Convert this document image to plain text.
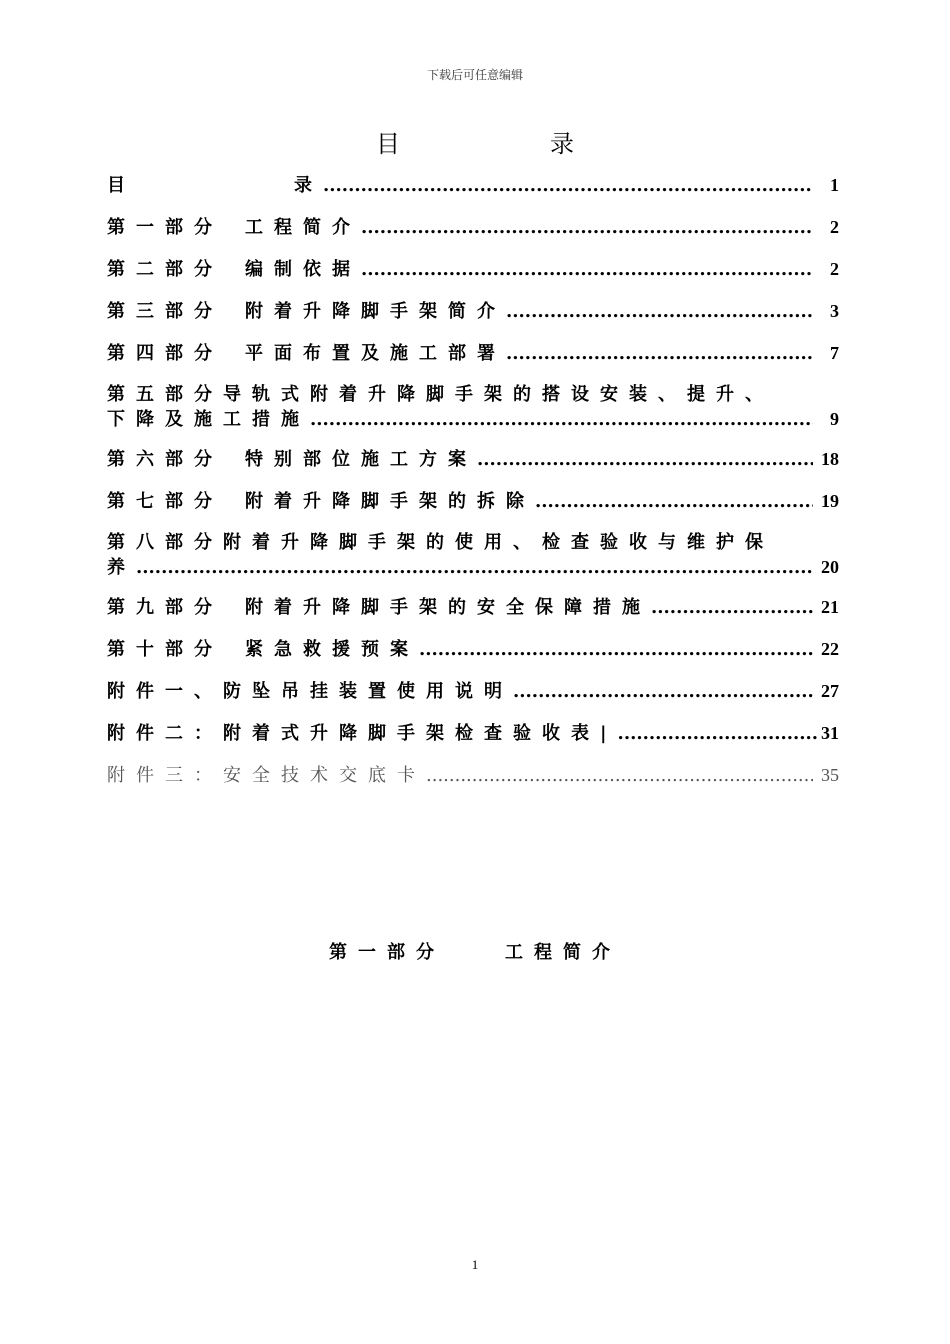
下载后可任意编辑
目	录
目	录 .....	1
第一部分 工程简介 .....	2
第二部分 编制依据 .....	2
第三部分 附着升降脚手架简介 .....	3
第四部分 平面布置及施工部署 .....	7
第五部分导轨式附着升降脚手架的搭设安装、提升、
下降及施工措施 .....	9
第六部分 特别部位施工方案 .....	18
第七部分 附着升降脚手架的拆除 .....	19
第八部分附着升降脚手架的使用、检查验收与维护保
养 .....	20
第九部分 附着升降脚手架的安全保障措施 .....	21
第十部分 紧急救援预案 .....	22
附件一、防坠吊挂装置使用说明 .....	27
附件二：附着式升降脚手架检查验收表| .....	31
附件三：安全技术交底卡 .....	35
第一部分	工程简介
1
